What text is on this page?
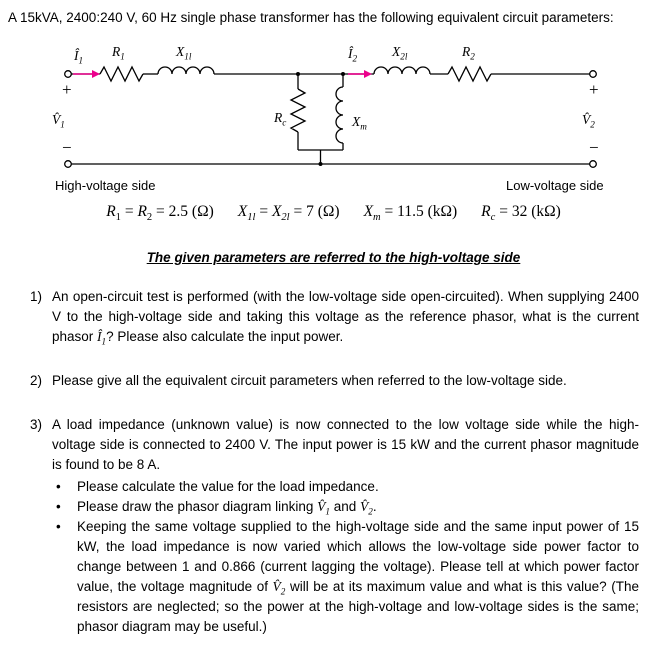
A 15kVA, 2400:240 V, 60 Hz single phase transformer has the following equivalent circuit parameters:
$Î_1$
$R_1$	$X_{1l}$	$Î_2$	$X_{2l}$	$R_2$
$R_c$	$X_m$
$V̂_1$	$V̂_2$
+
−
+
−
High-voltage side	Low-voltage side
$R_1 = R_2 = 2.5$ (Ω) $X_{1l} = X_{2l} = 7$ (Ω) $X_m = 11.5$ (kΩ) $R_c = 32$ (kΩ)
The given parameters are referred to the high-voltage side
1) An open-circuit test is performed (with the low-voltage side open-circuited). When supplying 2400 V to the high-voltage side and taking this voltage as the reference phasor, what is the current phasor $Î_1$? Please also calculate the input power.
2) Please give all the equivalent circuit parameters when referred to the low-voltage side.
3) A load impedance (unknown value) is now connected to the low voltage side while the high-voltage side is connected to 2400 V. The input power is 15 kW and the current phasor magnitude is found to be 8 A.
•	Please calculate the value for the load impedance.
•	Please draw the phasor diagram linking $V̂_1$ and $V̂_2$.
•	Keeping the same voltage supplied to the high-voltage side and the same input power of 15 kW, the load impedance is now varied which allows the low-voltage side power factor to change between 1 and 0.866 (current lagging the voltage). Please tell at which power factor value, the voltage magnitude of $V̂_2$ will be at its maximum value and what is this value? (The resistors are neglected; so the power at the high-voltage and low-voltage sides is the same; phasor diagram may be useful.)
